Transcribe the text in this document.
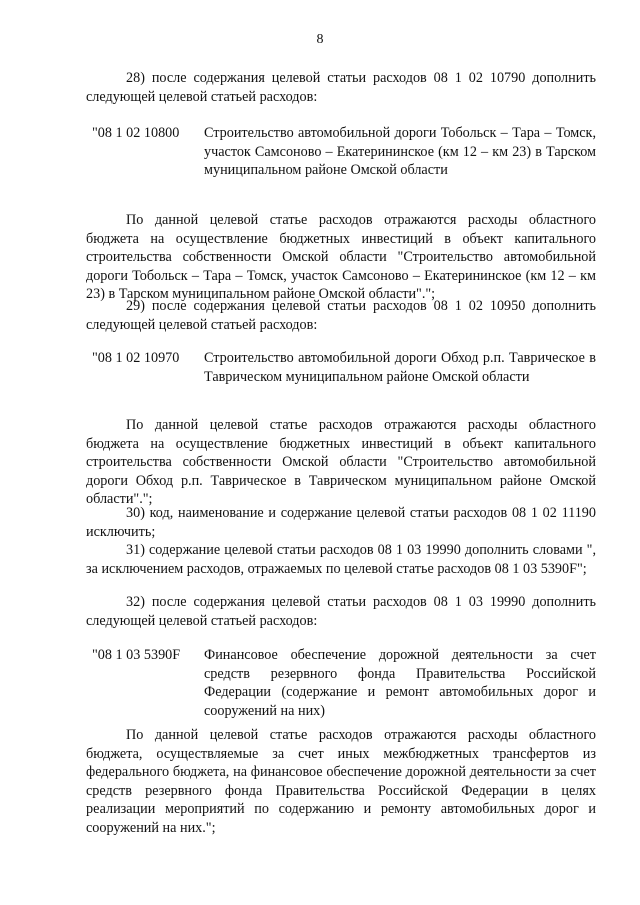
8
28) после содержания целевой статьи расходов 08 1 02 10790 дополнить следующей целевой статьей расходов:
"08 1 02 10800 Строительство автомобильной дороги Тобольск – Тара – Томск, участок Самсоново – Екатерининское (км 12 – км 23) в Тарском муниципальном районе Омской области
По данной целевой статье расходов отражаются расходы областного бюджета на осуществление бюджетных инвестиций в объект капитального строительства собственности Омской области "Строительство автомобильной дороги Тобольск – Тара – Томск, участок Самсоново – Екатерининское (км 12 – км 23) в Тарском муниципальном районе Омской области".";
29) после содержания целевой статьи расходов 08 1 02 10950 дополнить следующей целевой статьей расходов:
"08 1 02 10970 Строительство автомобильной дороги Обход р.п. Таврическое в Таврическом муниципальном районе Омской области
По данной целевой статье расходов отражаются расходы областного бюджета на осуществление бюджетных инвестиций в объект капитального строительства собственности Омской области "Строительство автомобильной дороги Обход р.п. Таврическое в Таврическом муниципальном районе Омской области".";
30) код, наименование и содержание целевой статьи расходов 08 1 02 11190 исключить;
31) содержание целевой статьи расходов 08 1 03 19990 дополнить словами ", за исключением расходов, отражаемых по целевой статье расходов 08 1 03 5390F";
32) после содержания целевой статьи расходов 08 1 03 19990 дополнить следующей целевой статьей расходов:
"08 1 03 5390F Финансовое обеспечение дорожной деятельности за счет средств резервного фонда Правительства Российской Федерации (содержание и ремонт автомобильных дорог и сооружений на них)
По данной целевой статье расходов отражаются расходы областного бюджета, осуществляемые за счет иных межбюджетных трансфертов из федерального бюджета, на финансовое обеспечение дорожной деятельности за счет средств резервного фонда Правительства Российской Федерации в целях реализации мероприятий по содержанию и ремонту автомобильных дорог и сооружений на них.";
